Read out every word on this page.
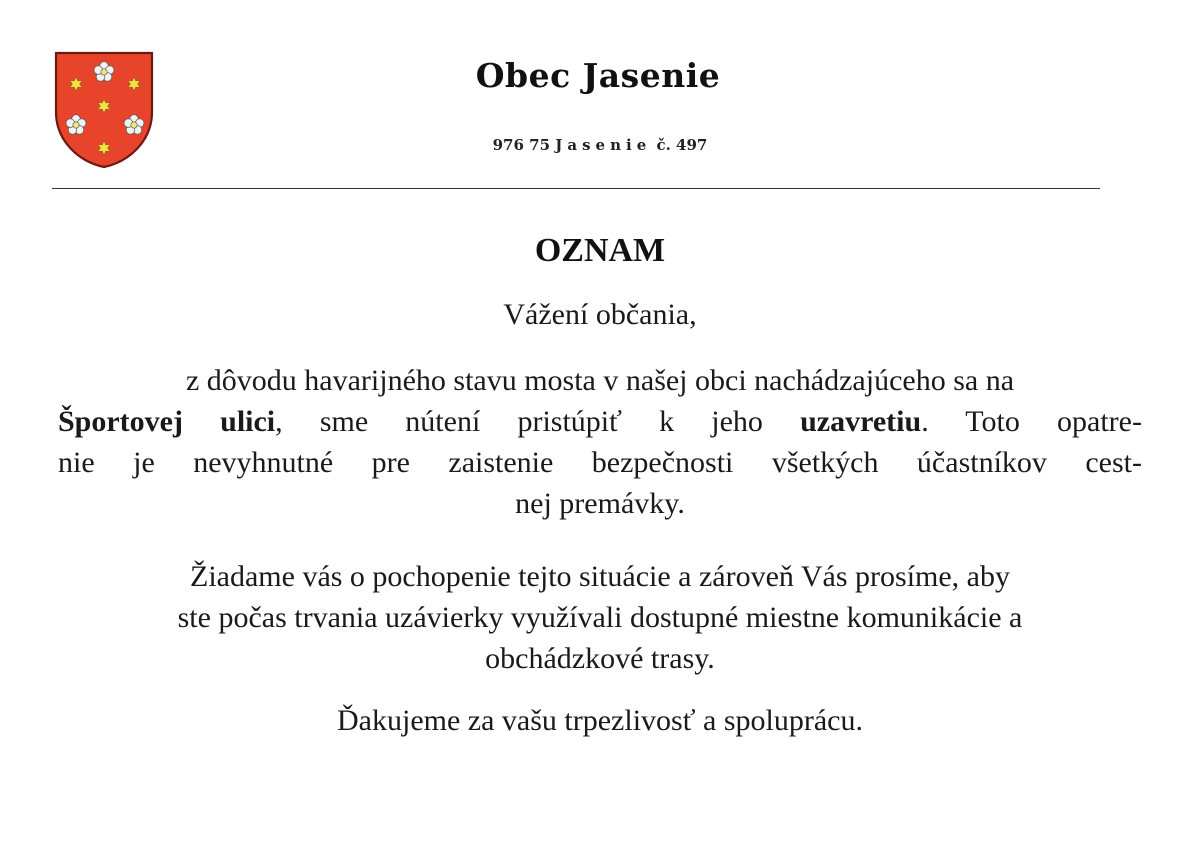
Obec Jasenie
976 75 Jasenie č. 497
OZNAM
Vážení občania,
z dôvodu havarijného stavu mosta v našej obci nachádzajúceho sa na
Športovej ulici, sme nútení pristúpiť k jeho uzavretiu. Toto opatre-
nie je nevyhnutné pre zaistenie bezpečnosti všetkých účastníkov cest-
nej premávky.
Žiadame vás o pochopenie tejto situácie a zároveň Vás prosíme, aby
ste počas trvania uzávierky využívali dostupné miestne komunikácie a
obchádzkové trasy.
Ďakujeme za vašu trpezlivosť a spoluprácu.
